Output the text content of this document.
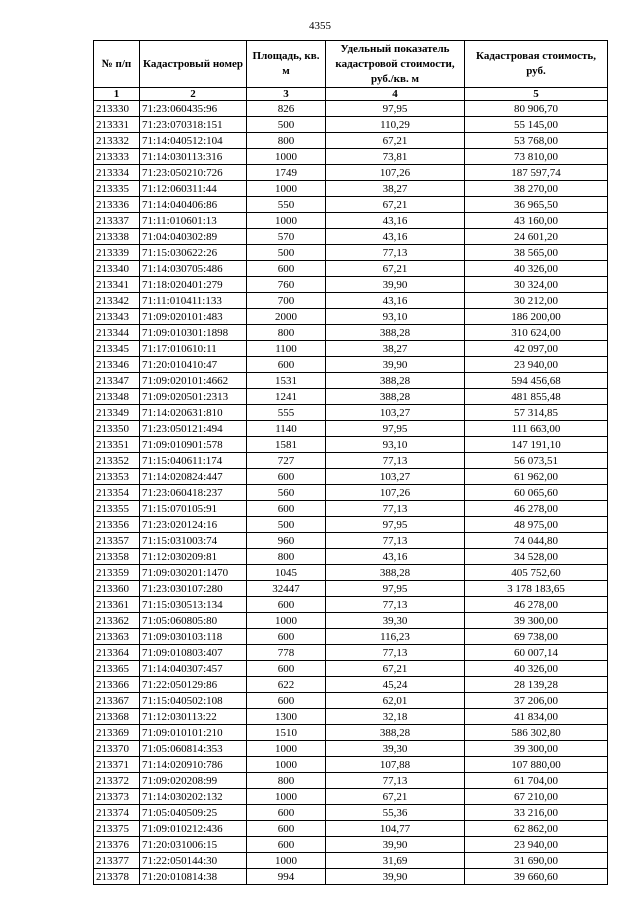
4355
№ п/п	Кадастровый номер	Площадь, кв. м	Удельный показатель кадастровой стоимости, руб./кв. м	Кадастровая стоимость, руб.
1	2	3	4	5
213330	71:23:060435:96	826	97,95	80 906,70
213331	71:23:070318:151	500	110,29	55 145,00
213332	71:14:040512:104	800	67,21	53 768,00
213333	71:14:030113:316	1000	73,81	73 810,00
213334	71:23:050210:726	1749	107,26	187 597,74
213335	71:12:060311:44	1000	38,27	38 270,00
213336	71:14:040406:86	550	67,21	36 965,50
213337	71:11:010601:13	1000	43,16	43 160,00
213338	71:04:040302:89	570	43,16	24 601,20
213339	71:15:030622:26	500	77,13	38 565,00
213340	71:14:030705:486	600	67,21	40 326,00
213341	71:18:020401:279	760	39,90	30 324,00
213342	71:11:010411:133	700	43,16	30 212,00
213343	71:09:020101:483	2000	93,10	186 200,00
213344	71:09:010301:1898	800	388,28	310 624,00
213345	71:17:010610:11	1100	38,27	42 097,00
213346	71:20:010410:47	600	39,90	23 940,00
213347	71:09:020101:4662	1531	388,28	594 456,68
213348	71:09:020501:2313	1241	388,28	481 855,48
213349	71:14:020631:810	555	103,27	57 314,85
213350	71:23:050121:494	1140	97,95	111 663,00
213351	71:09:010901:578	1581	93,10	147 191,10
213352	71:15:040611:174	727	77,13	56 073,51
213353	71:14:020824:447	600	103,27	61 962,00
213354	71:23:060418:237	560	107,26	60 065,60
213355	71:15:070105:91	600	77,13	46 278,00
213356	71:23:020124:16	500	97,95	48 975,00
213357	71:15:031003:74	960	77,13	74 044,80
213358	71:12:030209:81	800	43,16	34 528,00
213359	71:09:030201:1470	1045	388,28	405 752,60
213360	71:23:030107:280	32447	97,95	3 178 183,65
213361	71:15:030513:134	600	77,13	46 278,00
213362	71:05:060805:80	1000	39,30	39 300,00
213363	71:09:030103:118	600	116,23	69 738,00
213364	71:09:010803:407	778	77,13	60 007,14
213365	71:14:040307:457	600	67,21	40 326,00
213366	71:22:050129:86	622	45,24	28 139,28
213367	71:15:040502:108	600	62,01	37 206,00
213368	71:12:030113:22	1300	32,18	41 834,00
213369	71:09:010101:210	1510	388,28	586 302,80
213370	71:05:060814:353	1000	39,30	39 300,00
213371	71:14:020910:786	1000	107,88	107 880,00
213372	71:09:020208:99	800	77,13	61 704,00
213373	71:14:030202:132	1000	67,21	67 210,00
213374	71:05:040509:25	600	55,36	33 216,00
213375	71:09:010212:436	600	104,77	62 862,00
213376	71:20:031006:15	600	39,90	23 940,00
213377	71:22:050144:30	1000	31,69	31 690,00
213378	71:20:010814:38	994	39,90	39 660,60
